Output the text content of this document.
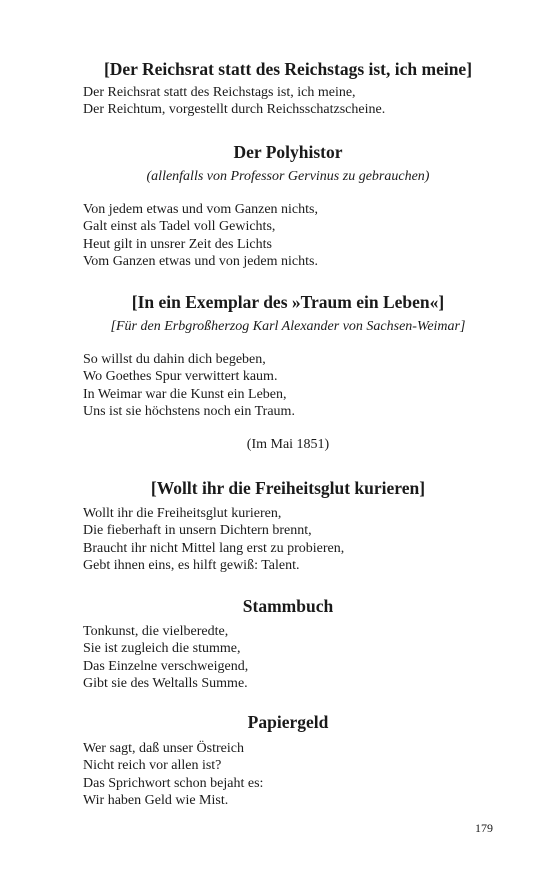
[Der Reichsrat statt des Reichstags ist, ich meine]
Der Reichsrat statt des Reichstags ist, ich meine,
Der Reichtum, vorgestellt durch Reichsschatzscheine.
Der Polyhistor

(allenfalls von Professor Gervinus zu gebrauchen)

Von jedem etwas und vom Ganzen nichts,
Galt einst als Tadel voll Gewichts,
Heut gilt in unsrer Zeit des Lichts
Vom Ganzen etwas und von jedem nichts.
[In ein Exemplar des »Traum ein Leben«]

[Für den Erbgroßherzog Karl Alexander von Sachsen-Weimar]

So willst du dahin dich begeben,
Wo Goethes Spur verwittert kaum.
In Weimar war die Kunst ein Leben,
Uns ist sie höchstens noch ein Traum.
(Im Mai 1851)
[Wollt ihr die Freiheitsglut kurieren]
Wollt ihr die Freiheitsglut kurieren,
Die fieberhaft in unsern Dichtern brennt,
Braucht ihr nicht Mittel lang erst zu probieren,
Gebt ihnen eins, es hilft gewiß: Talent.
Stammbuch
Tonkunst, die vielberedte,
Sie ist zugleich die stumme,
Das Einzelne verschweigend,
Gibt sie des Weltalls Summe.
Papiergeld
Wer sagt, daß unser Östreich
Nicht reich vor allen ist?
Das Sprichwort schon bejaht es:
Wir haben Geld wie Mist.
179
